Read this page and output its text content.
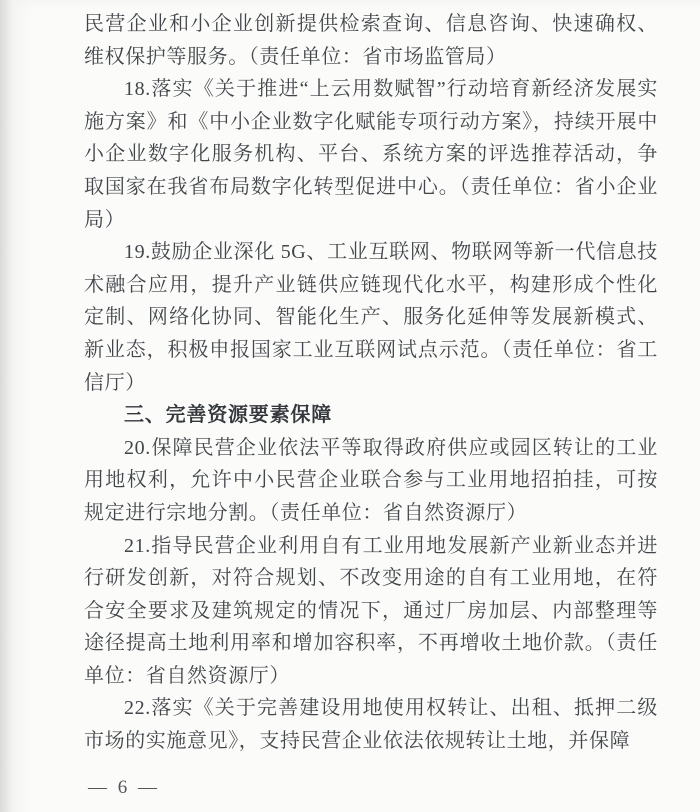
民营企业和小企业创新提供检索查询、信息咨询、快速确权、维权保护等服务。（责任单位：省市场监管局）

18.落实《关于推进“上云用数赋智”行动培育新经济发展实施方案》和《中小企业数字化赋能专项行动方案》，持续开展中小企业数字化服务机构、平台、系统方案的评选推荐活动，争取国家在我省布局数字化转型促进中心。（责任单位：省小企业局）

19.鼓励企业深化 5G、工业互联网、物联网等新一代信息技术融合应用，提升产业链供应链现代化水平，构建形成个性化定制、网络化协同、智能化生产、服务化延伸等发展新模式、新业态，积极申报国家工业互联网试点示范。（责任单位：省工信厅）

三、完善资源要素保障

20.保障民营企业依法平等取得政府供应或园区转让的工业用地权利，允许中小民营企业联合参与工业用地招拍挂，可按规定进行宗地分割。（责任单位：省自然资源厅）

21.指导民营企业利用自有工业用地发展新产业新业态并进行研发创新，对符合规划、不改变用途的自有工业用地，在符合安全要求及建筑规定的情况下，通过厂房加层、内部整理等途径提高土地利用率和增加容积率，不再增收土地价款。（责任单位：省自然资源厅）

22.落实《关于完善建设用地使用权转让、出租、抵押二级市场的实施意见》，支持民营企业依法依规转让土地，并保障

— 6 —
